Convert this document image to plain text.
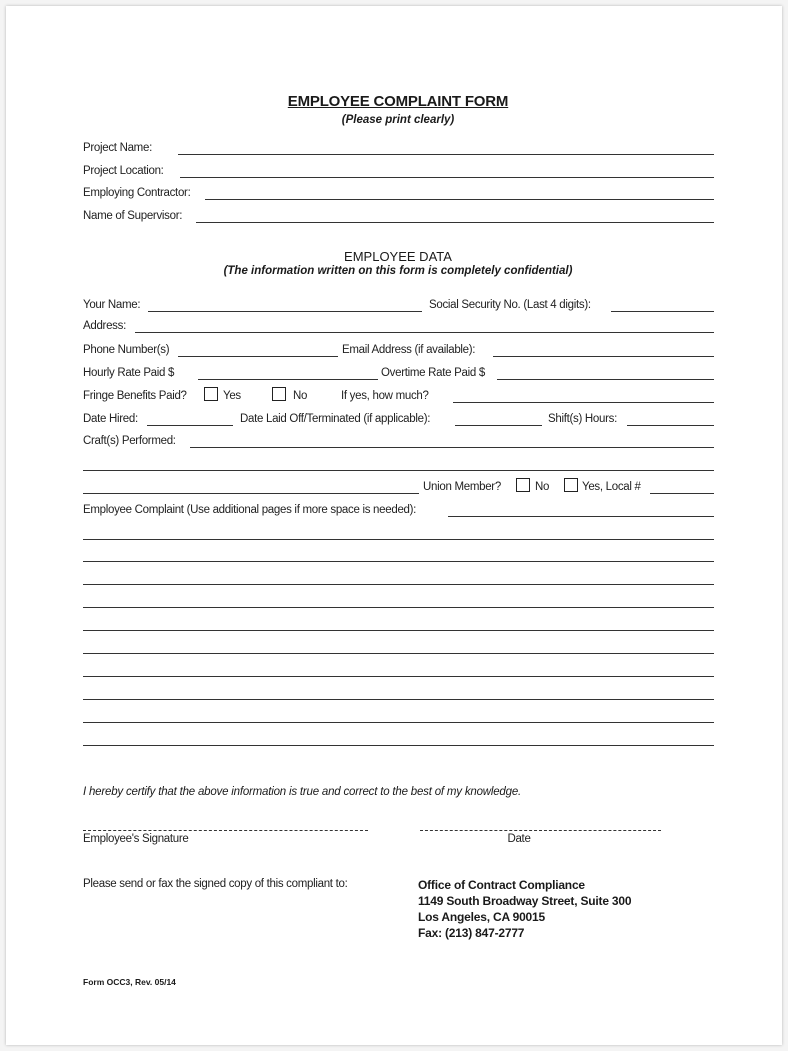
EMPLOYEE COMPLAINT FORM
(Please print clearly)
Project Name:
Project Location:
Employing Contractor:
Name of Supervisor:
EMPLOYEE DATA
(The information written on this form is completely confidential)
Your Name:	Social Security No. (Last 4 digits):
Address:
Phone Number(s)	Email Address (if available):
Hourly Rate Paid $	Overtime Rate Paid $
Fringe Benefits Paid?	Yes	No	If yes, how much?
Date Hired:	Date Laid Off/Terminated (if applicable):	Shift(s) Hours:
Craft(s) Performed:
Union Member?	No	Yes, Local #
Employee Complaint (Use additional pages if more space is needed):
I hereby certify that the above information is true and correct to the best of my knowledge.
Employee's Signature	Date
Please send or fax the signed copy of this compliant to:	Office of Contract Compliance
1149 South Broadway Street, Suite 300
Los Angeles, CA 90015
Fax: (213) 847-2777
Form OCC3, Rev. 05/14
